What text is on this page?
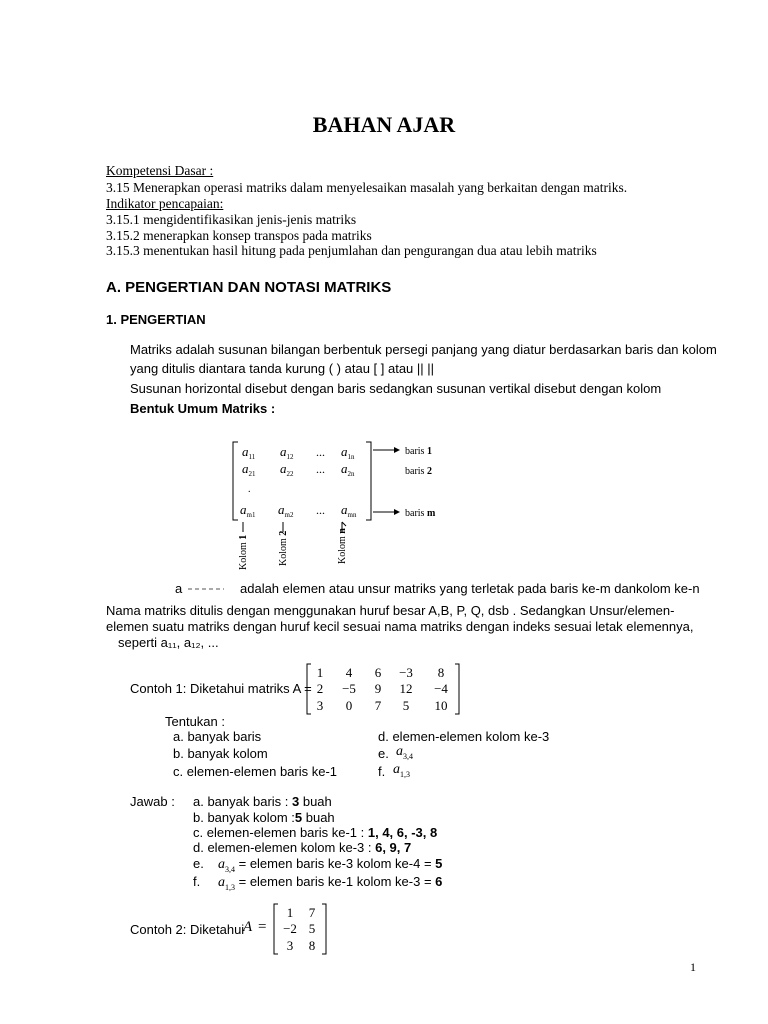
BAHAN AJAR
Kompetensi Dasar :
3.15 Menerapkan operasi matriks dalam menyelesaikan masalah yang berkaitan dengan matriks.
Indikator pencapaian:
3.15.1 mengidentifikasikan jenis-jenis matriks
3.15.2 menerapkan konsep transpos pada matriks
3.15.3 menentukan hasil hitung pada penjumlahan dan pengurangan dua atau lebih matriks
A. PENGERTIAN DAN NOTASI MATRIKS
1. PENGERTIAN
Matriks adalah susunan bilangan berbentuk persegi panjang yang diatur berdasarkan baris dan kolom
yang ditulis diantara tanda kurung ( ) atau [ ] atau || ||
Susunan horizontal disebut dengan baris sedangkan susunan vertikal disebut dengan kolom
Bentuk Umum Matriks :
$a_{11}$ $a_{12}$ ... $a_{1n}$
$a_{21}$ $a_{22}$ ... $a_{2n}$
.
$a_{m1}$ $a_{m2}$ ... $a_{mn}$
baris 1
baris 2
baris m
Kolom 1	Kolom 2
Kolom n
a	adalah elemen atau unsur matriks yang terletak pada baris ke-m dankolom ke-n
Nama matriks ditulis dengan menggunakan huruf besar A,B, P, Q, dsb . Sedangkan Unsur/elemen-
elemen suatu matriks dengan huruf kecil sesuai nama matriks dengan indeks sesuai letak elemennya,
seperti a₁₁, a₁₂, ...
Contoh 1: Diketahui matriks A =
1 4 6 −3 8
2 −5 9 12 −4
3 0 7 5 10
Tentukan :
a. banyak baris
b. banyak kolom
c. elemen-elemen baris ke-1
d. elemen-elemen kolom ke-3
e. $a_{3,4}$
f. $a_{1,3}$
Jawab : a. banyak baris : 3 buah
b. banyak kolom :5 buah
c. elemen-elemen baris ke-1 : 1, 4, 6, -3, 8
d. elemen-elemen kolom ke-3 : 6, 9, 7
e. $a_{3,4}$ = elemen baris ke-3 kolom ke-4 = 5
f. $a_{1,3}$ = elemen baris ke-1 kolom ke-3 = 6
Contoh 2: Diketahui
A =
1 7
−2 5
3 8
1
